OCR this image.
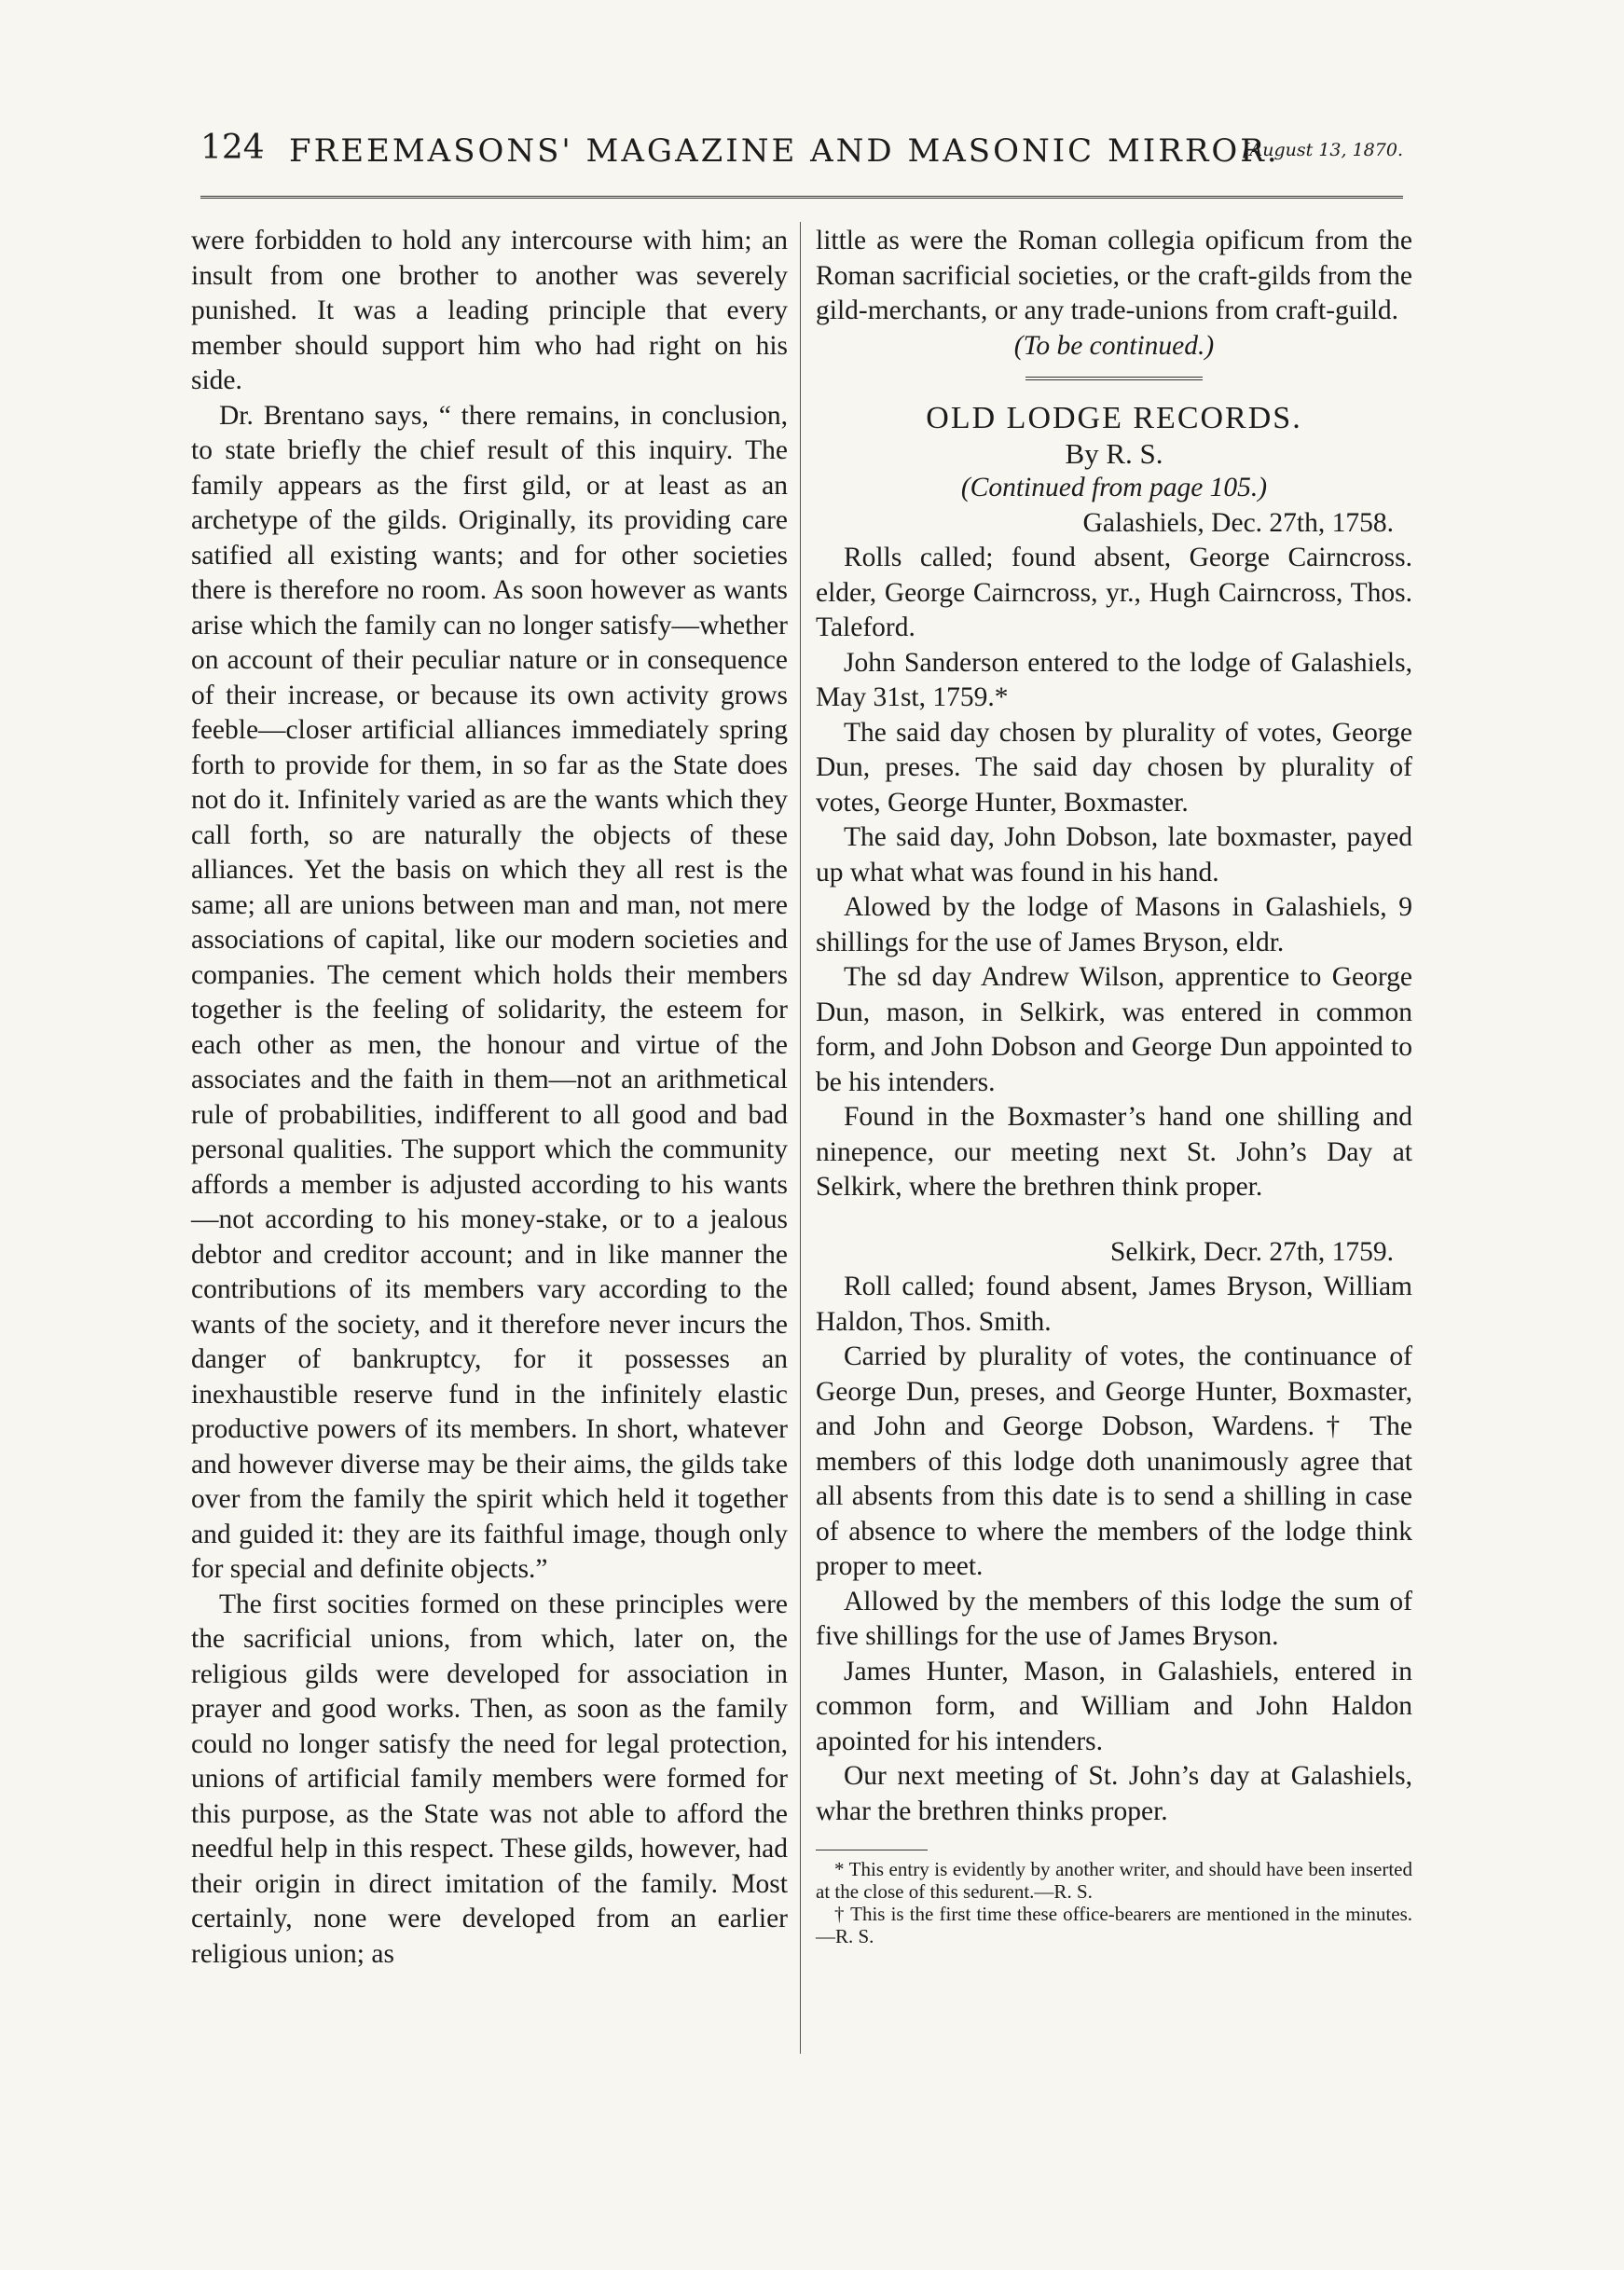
124 FREEMASONS' MAGAZINE AND MASONIC MIRROR.
[August 13, 1870.

were forbidden to hold any intercourse with him; an insult from one brother to another was severely punished. It was a leading principle that every member should support him who had right on his side.

Dr. Brentano says, “ there remains, in conclusion, to state briefly the chief result of this inquiry. The family appears as the first gild, or at least as an archetype of the gilds. Originally, its providing care satified all existing wants; and for other societies there is therefore no room. As soon however as wants arise which the family can no longer satisfy—whether on account of their peculiar nature or in consequence of their increase, or because its own activity grows feeble—closer artificial alliances immediately spring forth to provide for them, in so far as the State does not do it. Infinitely varied as are the wants which they call forth, so are naturally the objects of these alliances. Yet the basis on which they all rest is the same; all are unions between man and man, not mere associations of capital, like our modern societies and companies. The cement which holds their members together is the feeling of solidarity, the esteem for each other as men, the honour and virtue of the associates and the faith in them—not an arithmetical rule of probabilities, indifferent to all good and bad personal qualities. The support which the community affords a member is adjusted according to his wants—not according to his money-stake, or to a jealous debtor and creditor account; and in like manner the contributions of its members vary according to the wants of the society, and it therefore never incurs the danger of bankruptcy, for it possesses an inexhaustible reserve fund in the infinitely elastic productive powers of its members. In short, whatever and however diverse may be their aims, the gilds take over from the family the spirit which held it together and guided it: they are its faithful image, though only for special and definite objects.”

The first socities formed on these principles were the sacrificial unions, from which, later on, the religious gilds were developed for association in prayer and good works. Then, as soon as the family could no longer satisfy the need for legal protection, unions of artificial family members were formed for this purpose, as the State was not able to afford the needful help in this respect. These gilds, however, had their origin in direct imitation of the family. Most certainly, none were developed from an earlier religious union; as

little as were the Roman collegia opificum from the Roman sacrificial societies, or the craft-gilds from the gild-merchants, or any trade-unions from craft-guild.

(To be continued.)

OLD LODGE RECORDS.

By R. S.

(Continued from page 105.)

Galashiels, Dec. 27th, 1758.

Rolls called; found absent, George Cairncross. elder, George Cairncross, yr., Hugh Cairncross, Thos. Taleford.

John Sanderson entered to the lodge of Galashiels, May 31st, 1759.*

The said day chosen by plurality of votes, George Dun, preses. The said day chosen by plurality of votes, George Hunter, Boxmaster.

The said day, John Dobson, late boxmaster, payed up what what was found in his hand.

Alowed by the lodge of Masons in Galashiels, 9 shillings for the use of James Bryson, eldr.

The sd day Andrew Wilson, apprentice to George Dun, mason, in Selkirk, was entered in common form, and John Dobson and George Dun appointed to be his intenders.

Found in the Boxmaster’s hand one shilling and ninepence, our meeting next St. John’s Day at Selkirk, where the brethren think proper.

Selkirk, Decr. 27th, 1759.

Roll called; found absent, James Bryson, William Haldon, Thos. Smith.

Carried by plurality of votes, the continuance of George Dun, preses, and George Hunter, Boxmaster, and John and George Dobson, Wardens.† The members of this lodge doth unanimously agree that all absents from this date is to send a shilling in case of absence to where the members of the lodge think proper to meet.

Allowed by the members of this lodge the sum of five shillings for the use of James Bryson.

James Hunter, Mason, in Galashiels, entered in common form, and William and John Haldon apointed for his intenders.

Our next meeting of St. John’s day at Galashiels, whar the brethren thinks proper.

* This entry is evidently by another writer, and should have been inserted at the close of this sedurent.—R. S.

† This is the first time these office-bearers are mentioned in the minutes.—R. S.
